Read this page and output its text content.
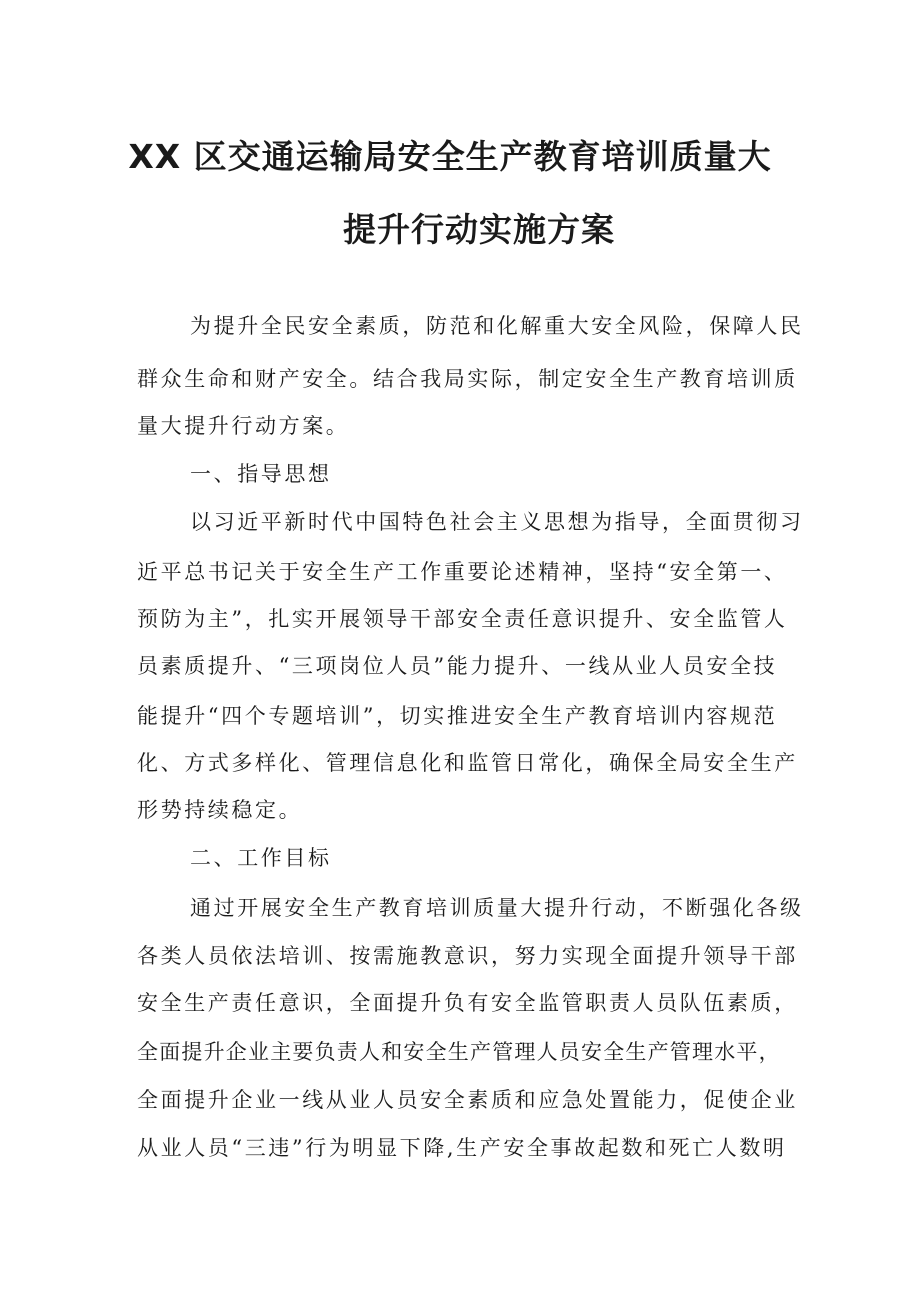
XX 区交通运输局安全生产教育培训质量大
提升行动实施方案

为提升全民安全素质，防范和化解重大安全风险，保障人民

群众生命和财产安全。结合我局实际，制定安全生产教育培训质

量大提升行动方案。

一、指导思想

以习近平新时代中国特色社会主义思想为指导，全面贯彻习

近平总书记关于安全生产工作重要论述精神，坚持“安全第一、

预防为主”，扎实开展领导干部安全责任意识提升、安全监管人

员素质提升、“三项岗位人员”能力提升、一线从业人员安全技

能提升“四个专题培训”，切实推进安全生产教育培训内容规范

化、方式多样化、管理信息化和监管日常化，确保全局安全生产

形势持续稳定。

二、工作目标

通过开展安全生产教育培训质量大提升行动，不断强化各级

各类人员依法培训、按需施教意识，努力实现全面提升领导干部

安全生产责任意识，全面提升负有安全监管职责人员队伍素质，

全面提升企业主要负责人和安全生产管理人员安全生产管理水平，

全面提升企业一线从业人员安全素质和应急处置能力，促使企业

从业人员“三违”行为明显下降,生产安全事故起数和死亡人数明
